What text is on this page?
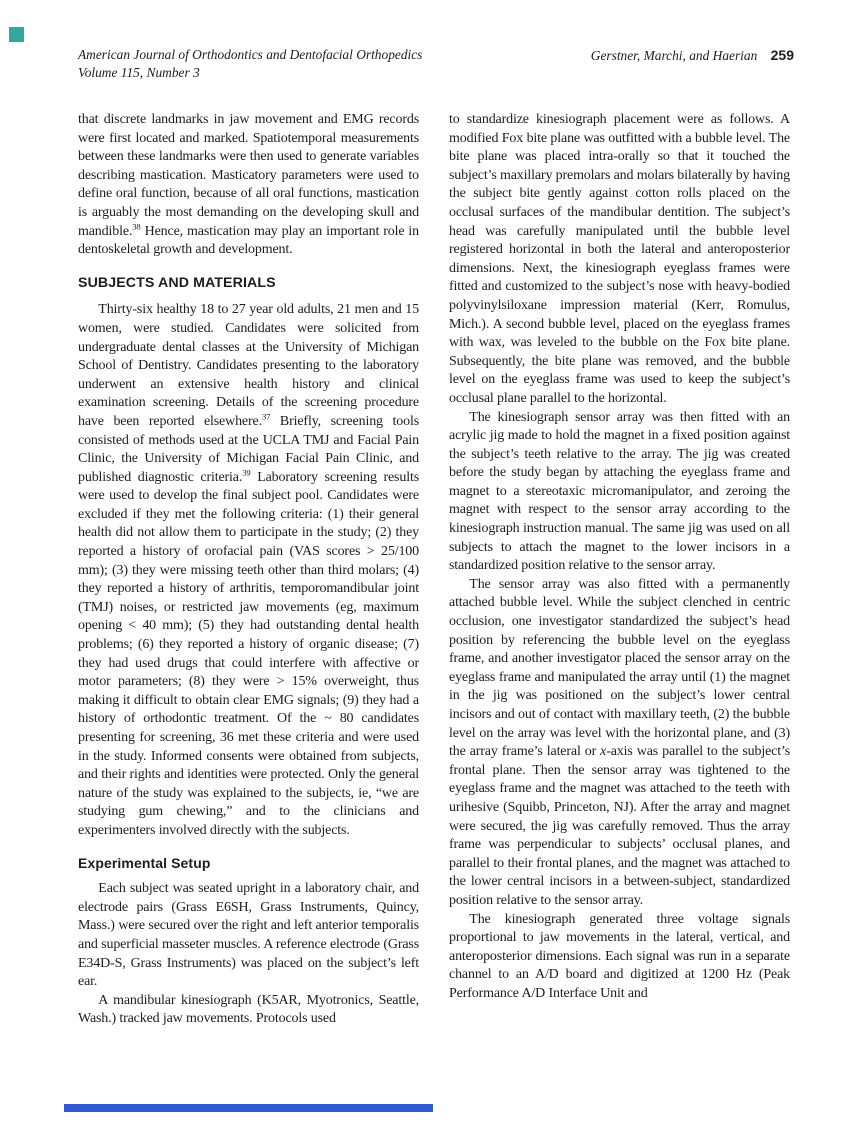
American Journal of Orthodontics and Dentofacial Orthopedics
Volume 115, Number 3
Gerstner, Marchi, and Haerian 259

that discrete landmarks in jaw movement and EMG records were first located and marked. Spatiotemporal measurements between these landmarks were then used to generate variables describing mastication. Masticatory parameters were used to define oral function, because of all oral functions, mastication is arguably the most demanding on the developing skull and mandible.$^{38}$ Hence, mastication may play an important role in dentoskeletal growth and development.

SUBJECTS AND MATERIALS

Thirty-six healthy 18 to 27 year old adults, 21 men and 15 women, were studied. Candidates were solicited from undergraduate dental classes at the University of Michigan School of Dentistry. Candidates presenting to the laboratory underwent an extensive health history and clinical examination screening. Details of the screening procedure have been reported elsewhere.$^{37}$ Briefly, screening tools consisted of methods used at the UCLA TMJ and Facial Pain Clinic, the University of Michigan Facial Pain Clinic, and published diagnostic criteria.$^{39}$ Laboratory screening results were used to develop the final subject pool. Candidates were excluded if they met the following criteria: (1) their general health did not allow them to participate in the study; (2) they reported a history of orofacial pain (VAS scores > 25/100 mm); (3) they were missing teeth other than third molars; (4) they reported a history of arthritis, temporomandibular joint (TMJ) noises, or restricted jaw movements (eg, maximum opening < 40 mm); (5) they had outstanding dental health problems; (6) they reported a history of organic disease; (7) they had used drugs that could interfere with affective or motor parameters; (8) they were > 15% overweight, thus making it difficult to obtain clear EMG signals; (9) they had a history of orthodontic treatment. Of the ~ 80 candidates presenting for screening, 36 met these criteria and were used in the study. Informed consents were obtained from subjects, and their rights and identities were protected. Only the general nature of the study was explained to the subjects, ie, “we are studying gum chewing,” and to the clinicians and experimenters involved directly with the subjects.

Experimental Setup

Each subject was seated upright in a laboratory chair, and electrode pairs (Grass E6SH, Grass Instruments, Quincy, Mass.) were secured over the right and left anterior temporalis and superficial masseter muscles. A reference electrode (Grass E34D-S, Grass Instruments) was placed on the subject’s left ear.

A mandibular kinesiograph (K5AR, Myotronics, Seattle, Wash.) tracked jaw movements. Protocols used

to standardize kinesiograph placement were as follows. A modified Fox bite plane was outfitted with a bubble level. The bite plane was placed intra-orally so that it touched the subject’s maxillary premolars and molars bilaterally by having the subject bite gently against cotton rolls placed on the occlusal surfaces of the mandibular dentition. The subject’s head was carefully manipulated until the bubble level registered horizontal in both the lateral and anteroposterior dimensions. Next, the kinesiograph eyeglass frames were fitted and customized to the subject’s nose with heavy-bodied polyvinylsiloxane impression material (Kerr, Romulus, Mich.). A second bubble level, placed on the eyeglass frames with wax, was leveled to the bubble on the Fox bite plane. Subsequently, the bite plane was removed, and the bubble level on the eyeglass frame was used to keep the subject’s occlusal plane parallel to the horizontal.

The kinesiograph sensor array was then fitted with an acrylic jig made to hold the magnet in a fixed position against the subject’s teeth relative to the array. The jig was created before the study began by attaching the eyeglass frame and magnet to a stereotaxic micromanipulator, and zeroing the magnet with respect to the sensor array according to the kinesiograph instruction manual. The same jig was used on all subjects to attach the magnet to the lower incisors in a standardized position relative to the sensor array.

The sensor array was also fitted with a permanently attached bubble level. While the subject clenched in centric occlusion, one investigator standardized the subject’s head position by referencing the bubble level on the eyeglass frame, and another investigator placed the sensor array on the eyeglass frame and manipulated the array until (1) the magnet in the jig was positioned on the subject’s lower central incisors and out of contact with maxillary teeth, (2) the bubble level on the array was level with the horizontal plane, and (3) the array frame’s lateral or x-axis was parallel to the subject’s frontal plane. Then the sensor array was tightened to the eyeglass frame and the magnet was attached to the teeth with urihesive (Squibb, Princeton, NJ). After the array and magnet were secured, the jig was carefully removed. Thus the array frame was perpendicular to subjects’ occlusal planes, and parallel to their frontal planes, and the magnet was attached to the lower central incisors in a between-subject, standardized position relative to the sensor array.

The kinesiograph generated three voltage signals proportional to jaw movements in the lateral, vertical, and anteroposterior dimensions. Each signal was run in a separate channel to an A/D board and digitized at 1200 Hz (Peak Performance A/D Interface Unit and
